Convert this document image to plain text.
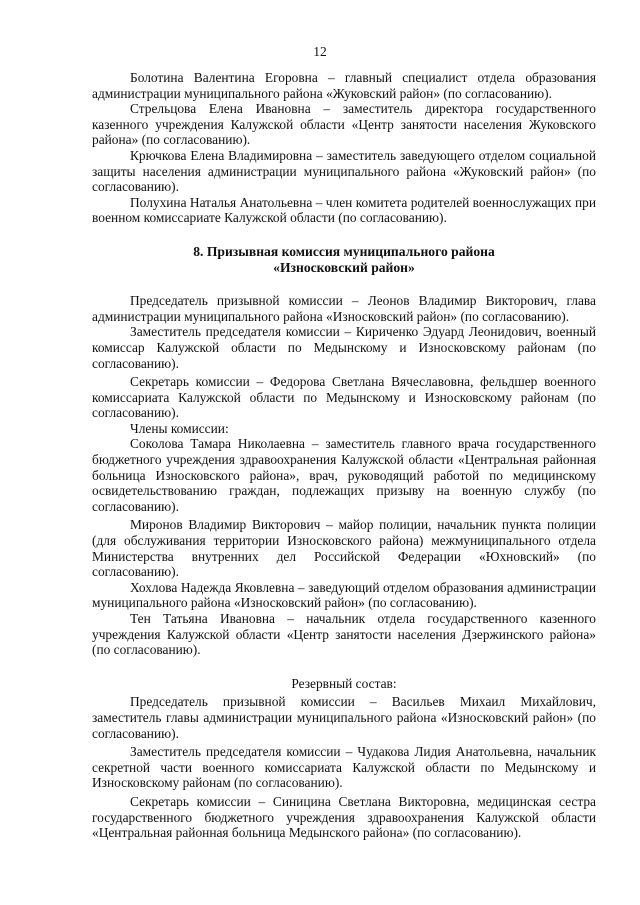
12

Болотина Валентина Егоровна – главный специалист отдела образования администрации муниципального района «Жуковский район» (по согласованию).

Стрельцова Елена Ивановна – заместитель директора государственного казенного учреждения Калужской области «Центр занятости населения Жуковского района» (по согласованию).

Крючкова Елена Владимировна – заместитель заведующего отделом социальной защиты населения администрации муниципального района «Жуковский район» (по согласованию).

Полухина Наталья Анатольевна – член комитета родителей военнослужащих при военном комиссариате Калужской области (по согласованию).

8. Призывная комиссия муниципального района
«Износковский район»

Председатель призывной комиссии – Леонов Владимир Викторович, глава администрации муниципального района «Износковский район» (по согласованию).

Заместитель председателя комиссии – Кириченко Эдуард Леонидович, военный комиссар Калужской области по Медынскому и Износковскому районам (по согласованию).

Секретарь комиссии – Федорова Светлана Вячеславовна, фельдшер военного комиссариата Калужской области по Медынскому и Износковскому районам (по согласованию).

Члены комиссии:

Соколова Тамара Николаевна – заместитель главного врача государственного бюджетного учреждения здравоохранения Калужской области «Центральная районная больница Износковского района», врач, руководящий работой по медицинскому освидетельствованию граждан, подлежащих призыву на военную службу (по согласованию).

Миронов Владимир Викторович – майор полиции, начальник пункта полиции (для обслуживания территории Износковского района) межмуниципального отдела Министерства внутренних дел Российской Федерации «Юхновский» (по согласованию).

Хохлова Надежда Яковлевна – заведующий отделом образования администрации муниципального района «Износковский район» (по согласованию).

Тен Татьяна Ивановна – начальник отдела государственного казенного учреждения Калужской области «Центр занятости населения Дзержинского района» (по согласованию).

Резервный состав:

Председатель призывной комиссии – Васильев Михаил Михайлович, заместитель главы администрации муниципального района «Износковский район» (по согласованию).

Заместитель председателя комиссии – Чудакова Лидия Анатольевна, начальник секретной части военного комиссариата Калужской области по Медынскому и Износковскому районам (по согласованию).

Секретарь комиссии – Синицина Светлана Викторовна, медицинская сестра государственного бюджетного учреждения здравоохранения Калужской области «Центральная районная больница Медынского района» (по согласованию).
